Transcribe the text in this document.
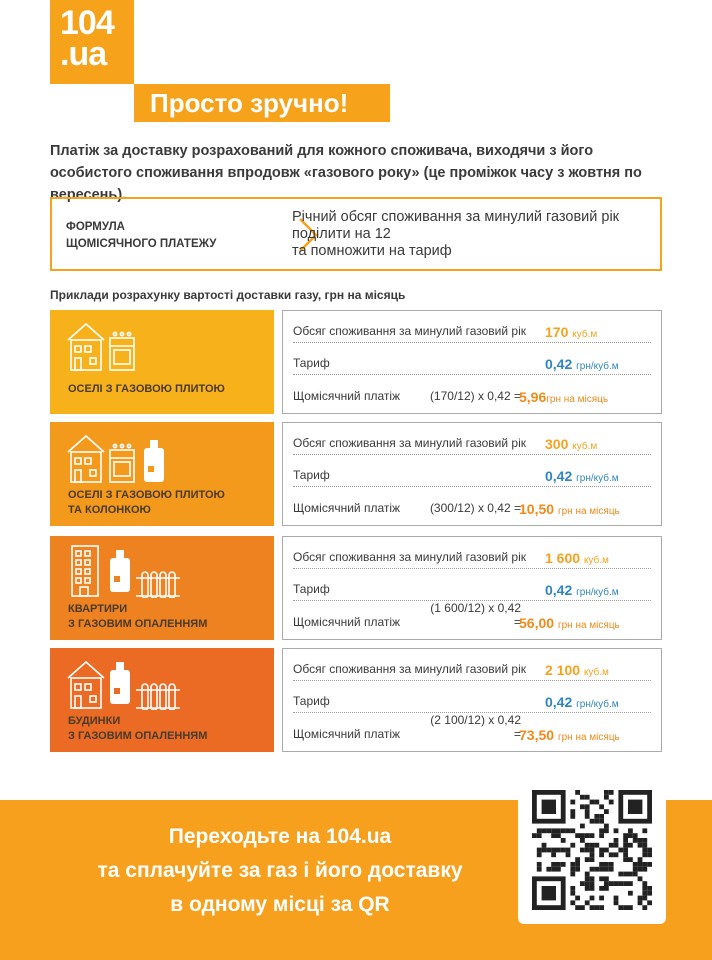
104
.ua
Просто зручно!
Платіж за доставку розрахований для кожного споживача, виходячи з його особистого споживання впродовж «газового року» (це проміжок часу з жовтня по вересень).
ФОРМУЛА
ЩОМІСЯЧНОГО ПЛАТЕЖУ
Річний обсяг споживання за минулий газовий рік
поділити на 12
та помножити на тариф
Приклади розрахунку вартості доставки газу, грн на місяць
ОСЕЛІ З ГАЗОВОЮ ПЛИТОЮ
Обсяг споживання за минулий газовий рік 170 куб.м
Тариф	0,42 грн/куб.м
Щомісячний платіж	(170/12) х 0,42 =
5,96грн на місяць
ОСЕЛІ З ГАЗОВОЮ ПЛИТОЮ
ТА КОЛОНКОЮ
Обсяг споживання за минулий газовий рік 300 куб.м
Тариф	0,42 грн/куб.м
Щомісячний платіж	(300/12) х 0,42 =
10,50 грн на місяць
КВАРТИРИ
З ГАЗОВИМ ОПАЛЕННЯМ
Обсяг споживання за минулий газовий рік 1 600 куб.м
Тариф	0,42 грн/куб.м
Щомісячний платіж
(1 600/12) х 0,42 =
56,00 грн на місяць
БУДИНКИ
З ГАЗОВИМ ОПАЛЕННЯМ
Обсяг споживання за минулий газовий рік 2 100 куб.м
Тариф	0,42 грн/куб.м
Щомісячний платіж
(2 100/12) х 0,42 =
73,50 грн на місяць
Переходьте на 104.ua
та сплачуйте за газ і його доставку
в одному місці за QR
